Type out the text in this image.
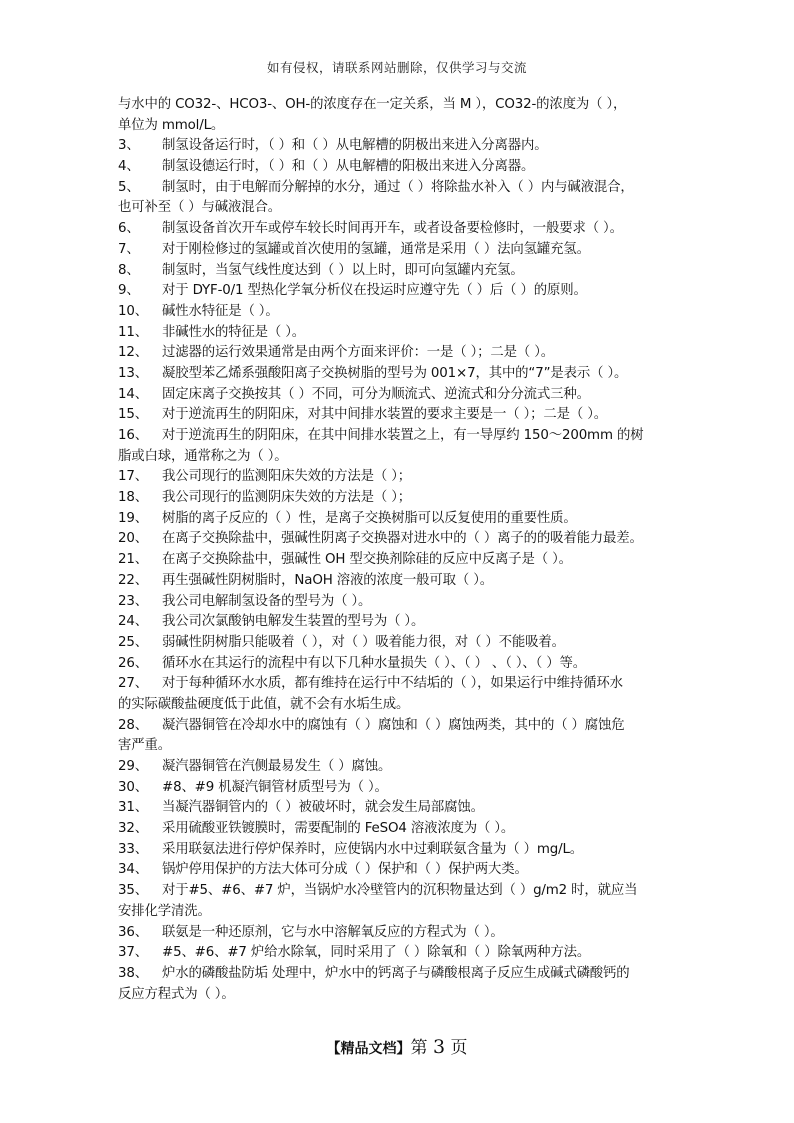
如有侵权，请联系网站删除，仅供学习与交流
与水中的 CO32-、HCO3-、OH-的浓度存在一定关系，当 M ），CO32-的浓度为（ ），
单位为 mmol/L。
3、	制氢设备运行时，（ ）和（ ）从电解槽的阴极出来进入分离器内。
4、	制氢设德运行时，（ ）和（ ）从电解槽的阳极出来进入分离器。
5、	制氢时，由于电解而分解掉的水分，通过（ ）将除盐水补入（ ）内与碱液混合，
也可补至（ ）与碱液混合。
6、	制氢设备首次开车或停车较长时间再开车，或者设备要检修时，一般要求（ ）。
7、	对于刚检修过的氢罐或首次使用的氢罐，通常是采用（ ）法向氢罐充氢。
8、	制氢时，当氢气线性度达到（ ）以上时，即可向氢罐内充氢。
9、	对于 DYF-0/1 型热化学氧分析仪在投运时应遵守先（ ）后（ ）的原则。
10、	碱性水特征是（ ）。
11、	非碱性水的特征是（ ）。
12、	过滤器的运行效果通常是由两个方面来评价：一是（ ）；二是（ ）。
13、	凝胶型苯乙烯系强酸阳离子交换树脂的型号为 001×7，其中的“7”是表示（ ）。
14、	固定床离子交换按其（ ）不同，可分为顺流式、逆流式和分分流式三种。
15、	对于逆流再生的阴阳床，对其中间排水装置的要求主要是一（ ）；二是（ ）。
16、	对于逆流再生的阴阳床，在其中间排水装置之上，有一导厚约 150～200mm 的树
脂或白球，通常称之为（ ）。
17、	我公司现行的监测阳床失效的方法是（ ）；
18、	我公司现行的监测阴床失效的方法是（ ）；
19、	树脂的离子反应的（ ）性，是离子交换树脂可以反复使用的重要性质。
20、	在离子交换除盐中，强碱性阴离子交换器对进水中的（ ）离子的的吸着能力最差。
21、	在离子交换除盐中，强碱性 OH 型交换剂除硅的反应中反离子是（ ）。
22、	再生强碱性阴树脂时，NaOH 溶液的浓度一般可取（ ）。
23、	我公司电解制氢设备的型号为（ ）。
24、	我公司次氯酸钠电解发生装置的型号为（ ）。
25、	弱碱性阴树脂只能吸着（ ），对（ ）吸着能力很，对（ ）不能吸着。
26、	循环水在其运行的流程中有以下几种水量损失（ ）、（ ） 、（ ）、（ ）等。
27、	对于每种循环水水质，都有维持在运行中不结垢的（ ），如果运行中维持循环水
的实际碳酸盐硬度低于此值，就不会有水垢生成。
28、	凝汽器铜管在冷却水中的腐蚀有（ ）腐蚀和（ ）腐蚀两类，其中的（ ）腐蚀危
害严重。
29、	凝汽器铜管在汽侧最易发生（ ）腐蚀。
30、	#8、#9 机凝汽铜管材质型号为（ ）。
31、	当凝汽器铜管内的（ ）被破坏时，就会发生局部腐蚀。
32、	采用硫酸亚铁镀膜时，需要配制的 FeSO4 溶液浓度为（ ）。
33、	采用联氨法进行停炉保养时，应使锅内水中过剩联氨含量为（ ）mg/L。
34、	锅炉停用保护的方法大体可分成（ ）保护和（ ）保护两大类。
35、	对于#5、#6、#7 炉，当锅炉水冷壁管内的沉积物量达到（ ）g/m2 时，就应当
安排化学清洗。
36、	联氨是一种还原剂，它与水中溶解氧反应的方程式为（ ）。
37、	#5、#6、#7 炉给水除氧，同时采用了（ ）除氧和（ ）除氧两种方法。
38、	炉水的磷酸盐防垢 处理中，炉水中的钙离子与磷酸根离子反应生成碱式磷酸钙的
反应方程式为（ ）。
【精品文档】第 3 页
